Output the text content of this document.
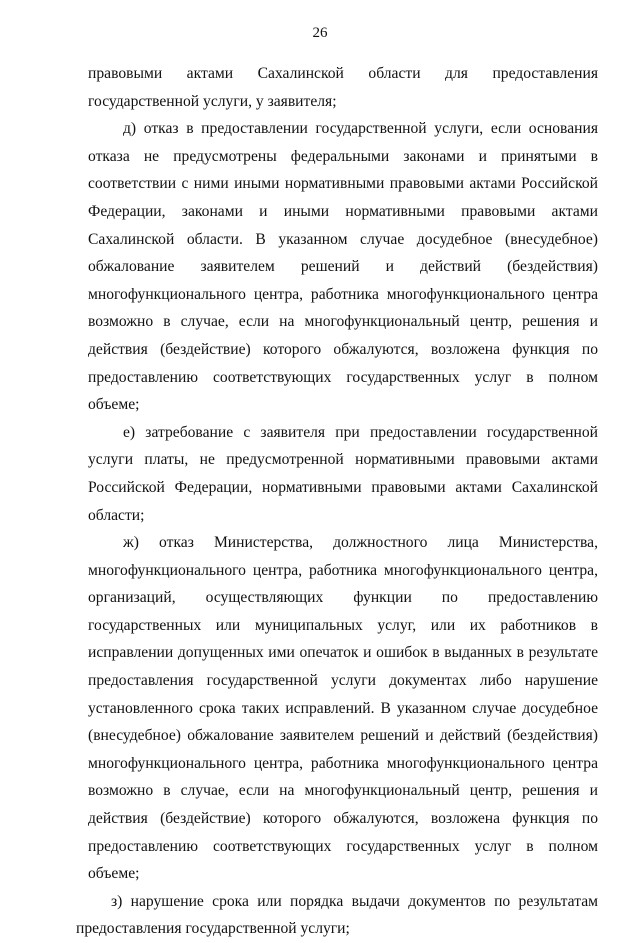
26

правовыми актами Сахалинской области для предоставления государственной услуги, у заявителя;

д) отказ в предоставлении государственной услуги, если основания отказа не предусмотрены федеральными законами и принятыми в соответствии с ними иными нормативными правовыми актами Российской Федерации, законами и иными нормативными правовыми актами Сахалинской области. В указанном случае досудебное (внесудебное) обжалование заявителем решений и действий (бездействия) многофункционального центра, работника многофункционального центра возможно в случае, если на многофункциональный центр, решения и действия (бездействие) которого обжалуются, возложена функция по предоставлению соответствующих государственных услуг в полном объеме;

е) затребование с заявителя при предоставлении государственной услуги платы, не предусмотренной нормативными правовыми актами Российской Федерации, нормативными правовыми актами Сахалинской области;

ж) отказ Министерства, должностного лица Министерства, многофункционального центра, работника многофункционального центра, организаций, осуществляющих функции по предоставлению государственных или муниципальных услуг, или их работников в исправлении допущенных ими опечаток и ошибок в выданных в результате предоставления государственной услуги документах либо нарушение установленного срока таких исправлений. В указанном случае досудебное (внесудебное) обжалование заявителем решений и действий (бездействия) многофункционального центра, работника многофункционального центра возможно в случае, если на многофункциональный центр, решения и действия (бездействие) которого обжалуются, возложена функция по предоставлению соответствующих государственных услуг в полном объеме;

з) нарушение срока или порядка выдачи документов по результатам предоставления государственной услуги;
